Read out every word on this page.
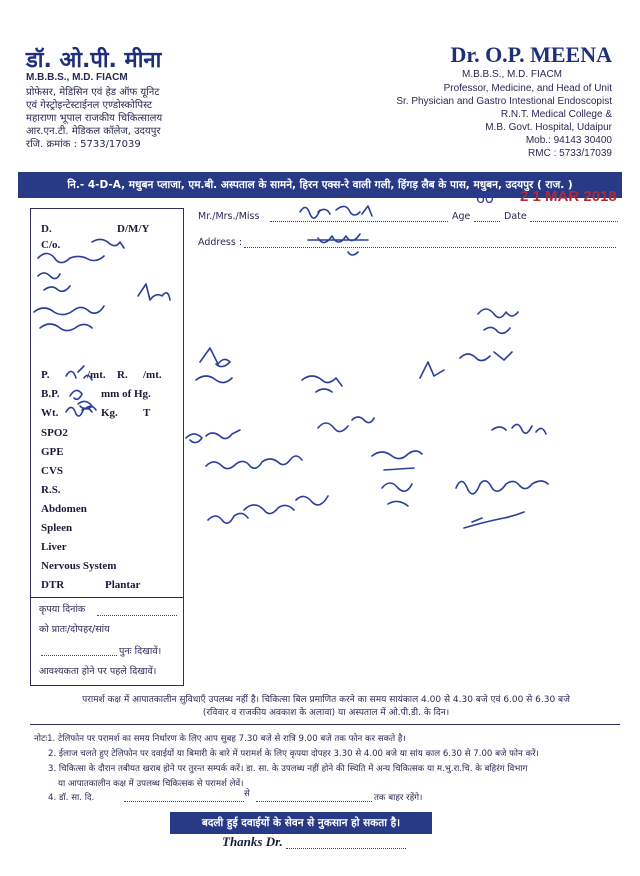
डॉ. ओ.पी. मीना
M.B.B.S., M.D. FIACM
प्रोफेसर, मेडिसिन एवं हेड ऑफ यूनिट
एवं गेस्ट्रोइन्टेस्टाईनल एण्डोस्कोपिस्ट
महाराणा भूपाल राजकीय चिकित्सालय
आर.एन.टी. मेडिकल कॉलेज, उदयपुर
रजि. क्रमांक : 5733/17039
Dr. O.P. MEENA
M.B.B.S., M.D. FIACM
Professor, Medicine, and Head of Unit
Sr. Physician and Gastro Intestional Endoscopist
R.N.T. Medical College &
M.B. Govt. Hospital, Udaipur
Mob.: 94143 30400
RMC : 5733/17039
नि.- 4-D-A, मधुबन प्लाजा, एम.बी. अस्पताल के सामने, हिरन एक्स-रे वाली गली, हिंगड़ लैब के पास, मधुबन, उदयपुर ( राज. )
Mr./Mrs./Miss	Age	Date
60 2 1 MAR 2018
Address :
D.	D/M/Y
C/o.
P.	/mt. R. /mt.
B.P.	mm of Hg.
Wt.	Kg. T
SPO2
GPE
CVS
R.S.
Abdomen
Spleen
Liver
Nervous System
DTR	Plantar
कृपया दिनांक
को प्रातः/दोपहर/सांय
पुनः दिखावें।
आवश्यकता होने पर पहले दिखावें।
परामर्श कक्ष में आपातकालीन सुविधाएँ उपलब्ध नहीं है। चिकित्सा बिल प्रमाणित करने का समय सायंकाल 4.00 से 4.30 बजे एवं 6.00 से 6.30 बजे
(रविवार व राजकीय अवकाश के अलावा) या अस्पताल में ओ.पी.डी. के दिन।
नोटः1. टेलिफोन पर परामर्श का समय निर्धारण के लिए आप सुबह 7.30 बजे से रात्रि 9.00 बजे तक फोन कर सकते है।
2. ईलाज चलते हुए टेलिफोन पर दवाईयों या बिमारी के बारे में परामर्श के लिए कृपया दोपहर 3.30 से 4.00 बजे या सांय काल 6.30 से 7.00 बजे फोन करें।
3. चिकित्सा के दौरान तबीयत खराब होने पर तुरन्त सम्पर्क करें। डा. सा. के उपलब्ध नहीं होने की स्थिति में अन्य चिकित्सक या म.भु.रा.चि. के बहिरंग विभाग
या आपातकालीन कक्ष में उपलब्ध चिकित्सक से परामर्श लेवें।
4. डॉ. सा. दि.	से	तक बाहर रहेंगे।
बदली हुई दवाईयों के सेवन से नुकसान हो सकता है।
Thanks Dr.
